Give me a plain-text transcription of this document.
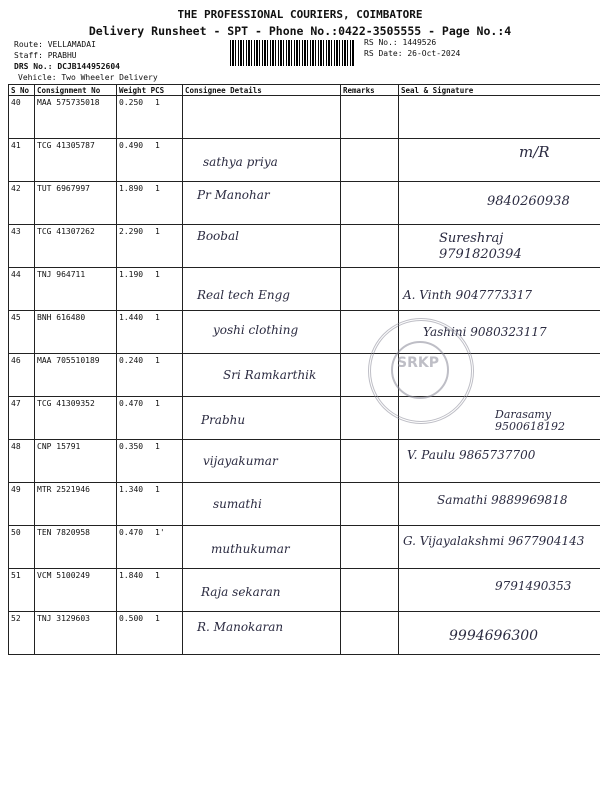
THE PROFESSIONAL COURIERS, COIMBATORE
Delivery Runsheet - SPT - Phone No.:0422-3505555 - Page No.:4
Route: VELLAMADAI
Staff: PRABHU
DRS No.: DCJB144952604
Vehicle: Two Wheeler Delivery
RS No.: 1449526
RS Date: 26-Oct-2024
S No	Consignment No	Weight PCS	Consignee Details	Remarks	Seal & Signature
40	MAA 575735018	0.250 1	

41	TCG 41305787	0.490 1	sathya priya		m/R

42	TUT 6967997	1.890 1	Pr Manohar		9840260938

43	TCG 41307262	2.290 1	Boobal		Sureshraj 9791820394

44	TNJ 964711	1.190 1	Real tech Engg		A. Vinth 9047773317

45	BNH 616480	1.440 1	yoshi clothing		Yashini 9080323117

46	MAA 705510189	0.240 1	Sri Ramkarthik		

47	TCG 41309352	0.470 1	Prabhu		Darasamy 9500618192

48	CNP 15791	0.350 1	vijayakumar		V. Paulu 9865737700

49	MTR 2521946	1.340 1	sumathi		Samathi 9889969818

50	TEN 7820958	0.470 1'	muthukumar		G. Vijayalakshmi 9677904143

51	VCM 5100249	1.840 1	Raja sekaran		9791490353

52	TNJ 3129603	0.500 1	R. Manokaran		9994696300
SRKP
